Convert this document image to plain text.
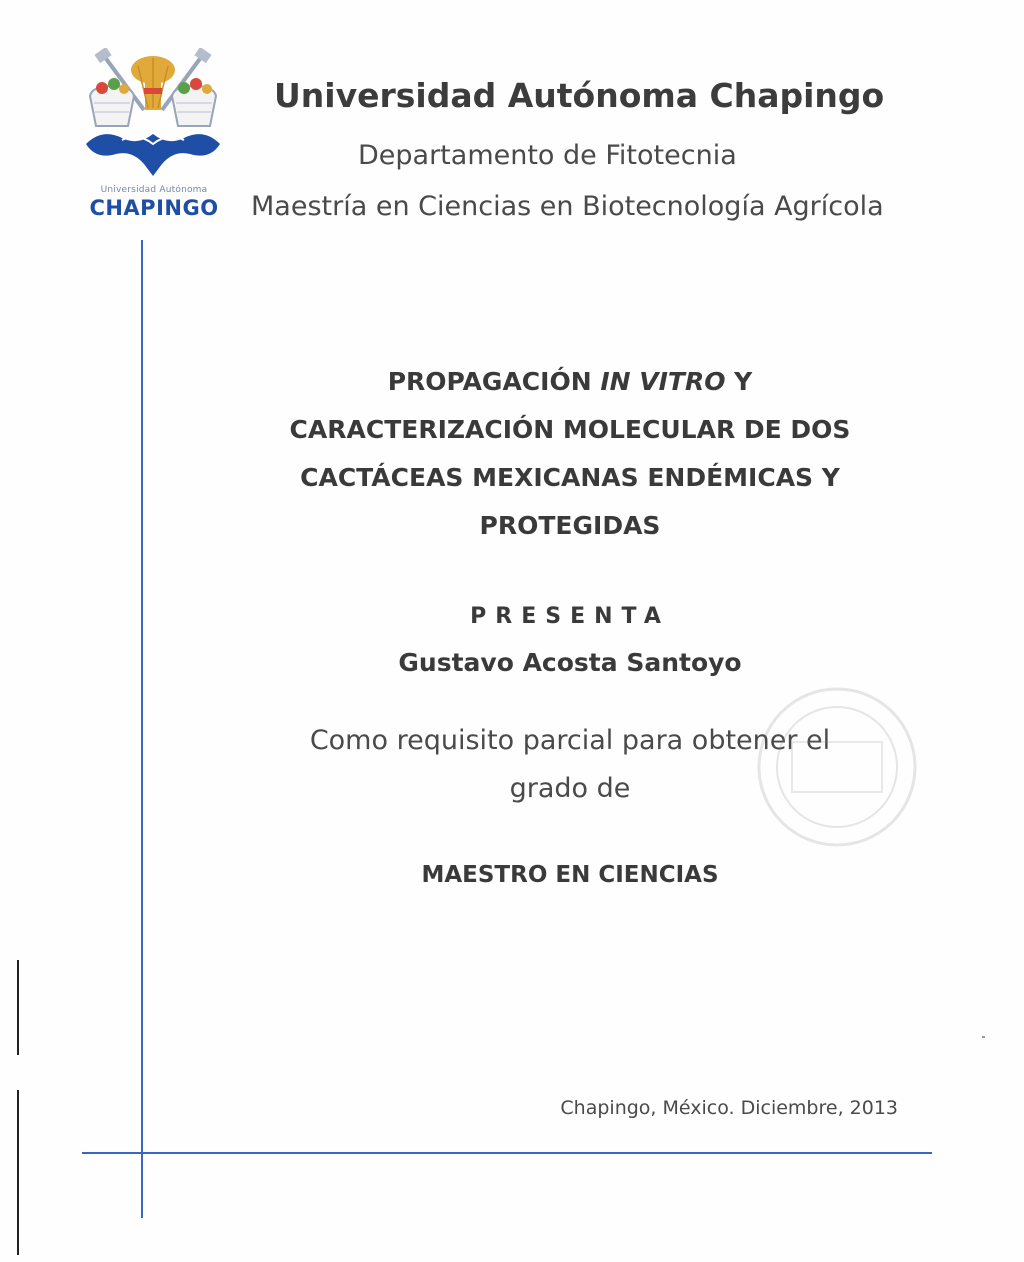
Universidad Autónoma
CHAPINGO
Universidad Autónoma Chapingo
Departamento de Fitotecnia
Maestría en Ciencias en Biotecnología Agrícola
PROPAGACIÓN IN VITRO Y
CARACTERIZACIÓN MOLECULAR DE DOS
CACTÁCEAS MEXICANAS ENDÉMICAS Y
PROTEGIDAS
PRESENTA
Gustavo Acosta Santoyo
Como requisito parcial para obtener el
grado de
MAESTRO EN CIENCIAS
Chapingo, México. Diciembre, 2013
